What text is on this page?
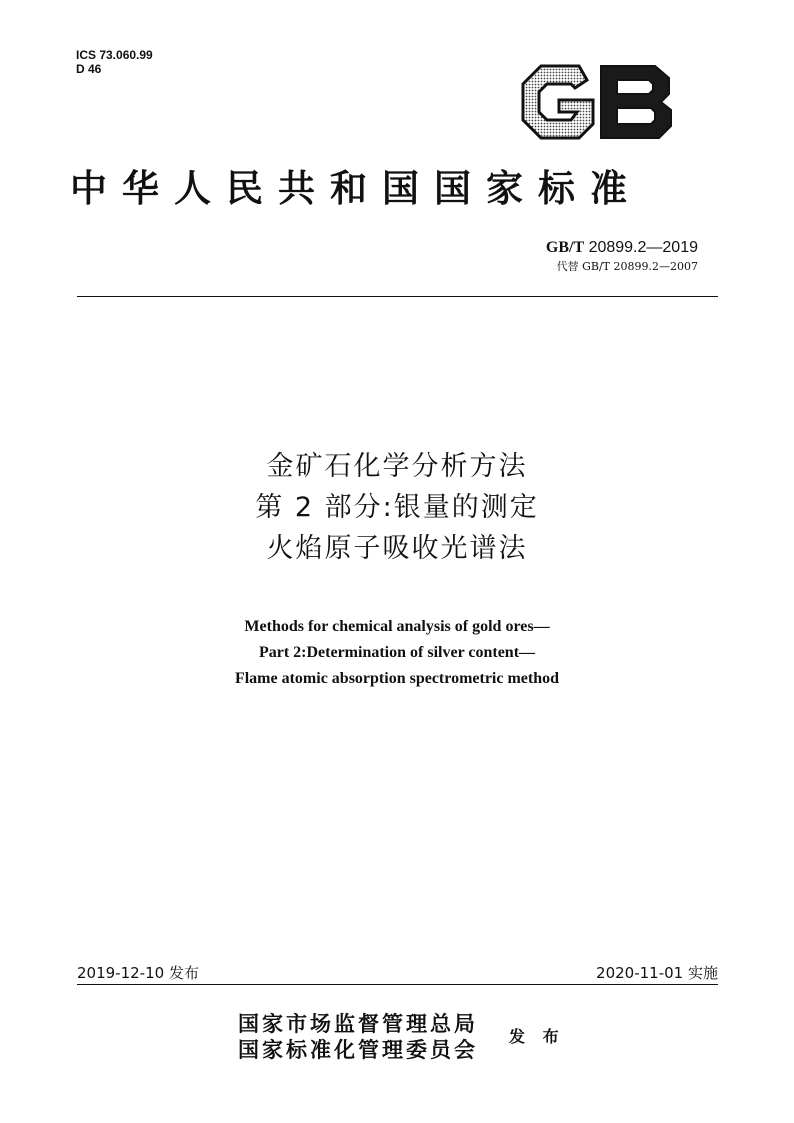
ICS 73.060.99
D 46
中华人民共和国国家标准
GB/T 20899.2—2019
代替 GB/T 20899.2—2007
金矿石化学分析方法
第 2 部分:银量的测定
火焰原子吸收光谱法
Methods for chemical analysis of gold ores—
Part 2:Determination of silver content—
Flame atomic absorption spectrometric method
2019-12-10 发布	2020-11-01 实施
国家市场监督管理总局
国家标准化管理委员会
发 布
